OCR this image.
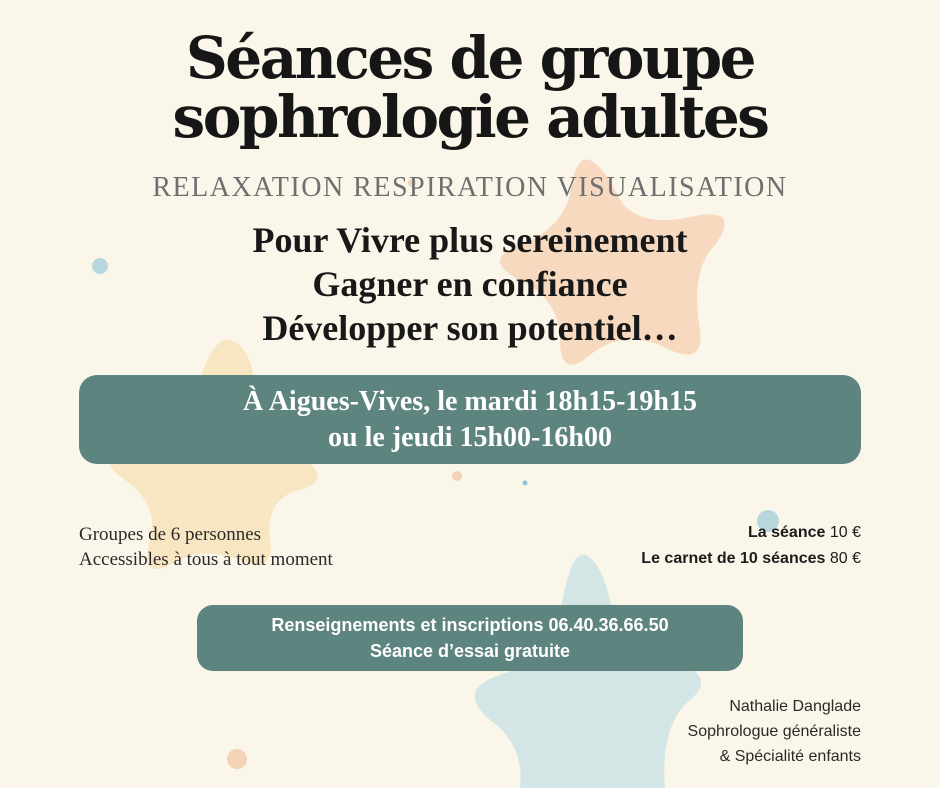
Séances de groupe
sophrologie adultes
RELAXATION RESPIRATION VISUALISATION
Pour Vivre plus sereinement
Gagner en confiance
Développer son potentiel…
À Aigues-Vives, le mardi 18h15-19h15
ou le jeudi 15h00-16h00
Groupes de 6 personnes
Accessibles à tous à tout moment
La séance 10 €
Le carnet de 10 séances 80 €
Renseignements et inscriptions 06.40.36.66.50
Séance d’essai gratuite
Nathalie Danglade
Sophrologue généraliste
& Spécialité enfants
